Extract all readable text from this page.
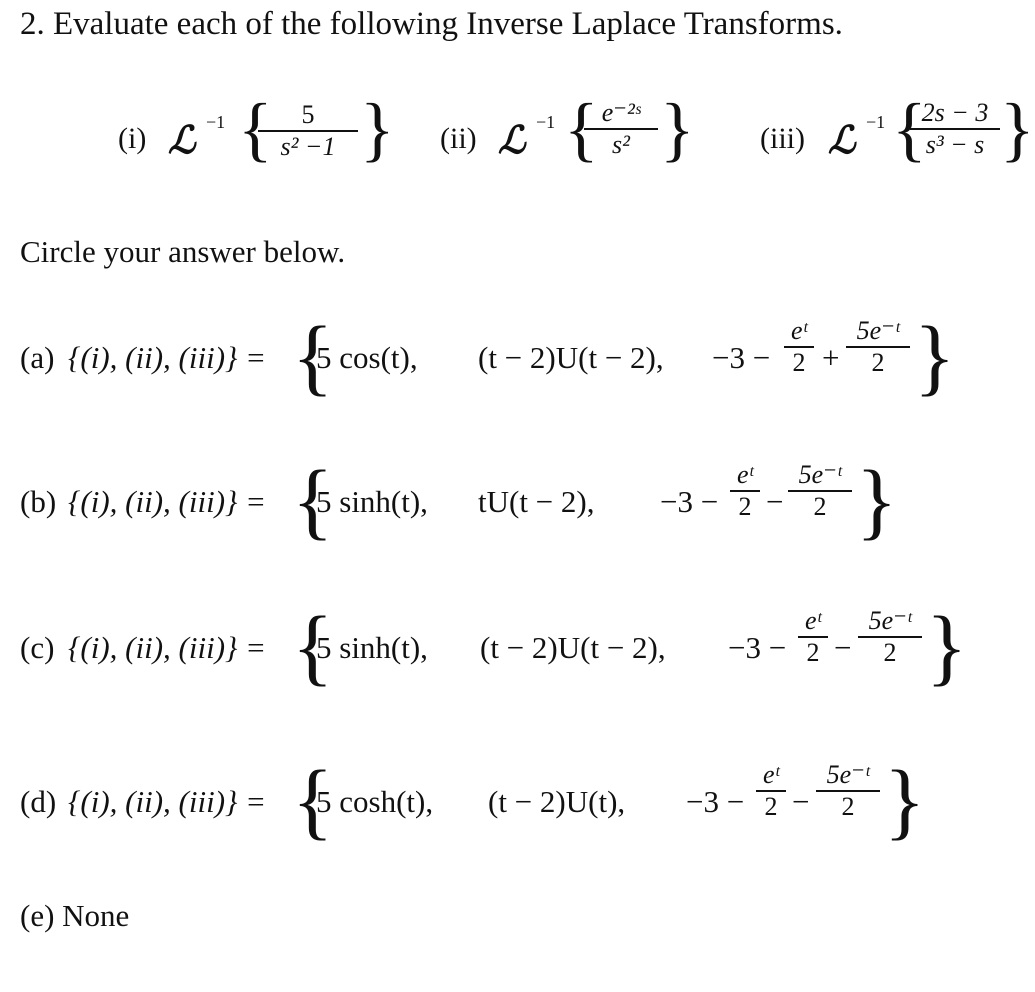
2. Evaluate each of the following Inverse Laplace Transforms.
(i) ℒ −1 {	5
s² −1 } (ii) ℒ −1 { e⁻²ˢ
s² } (iii) ℒ −1 {
2s − 3
s³ − s }
Circle your answer below.
(a) {(i), (ii), (iii)} = {
5 cos(t), (t − 2)U(t − 2), −3 −
eᵗ
2 +
5e⁻ᵗ
2 }
(b) {(i), (ii), (iii)} = {
5 sinh(t), tU(t − 2), −3 −
eᵗ
2 −
5e⁻ᵗ
2 }
(c) {(i), (ii), (iii)} = {
5 sinh(t), (t − 2)U(t − 2), −3 −
eᵗ
2 −
5e⁻ᵗ
2 }
(d) {(i), (ii), (iii)} = {
5 cosh(t), (t − 2)U(t), −3 −
eᵗ
2 −
5e⁻ᵗ
2 }
(e) None
